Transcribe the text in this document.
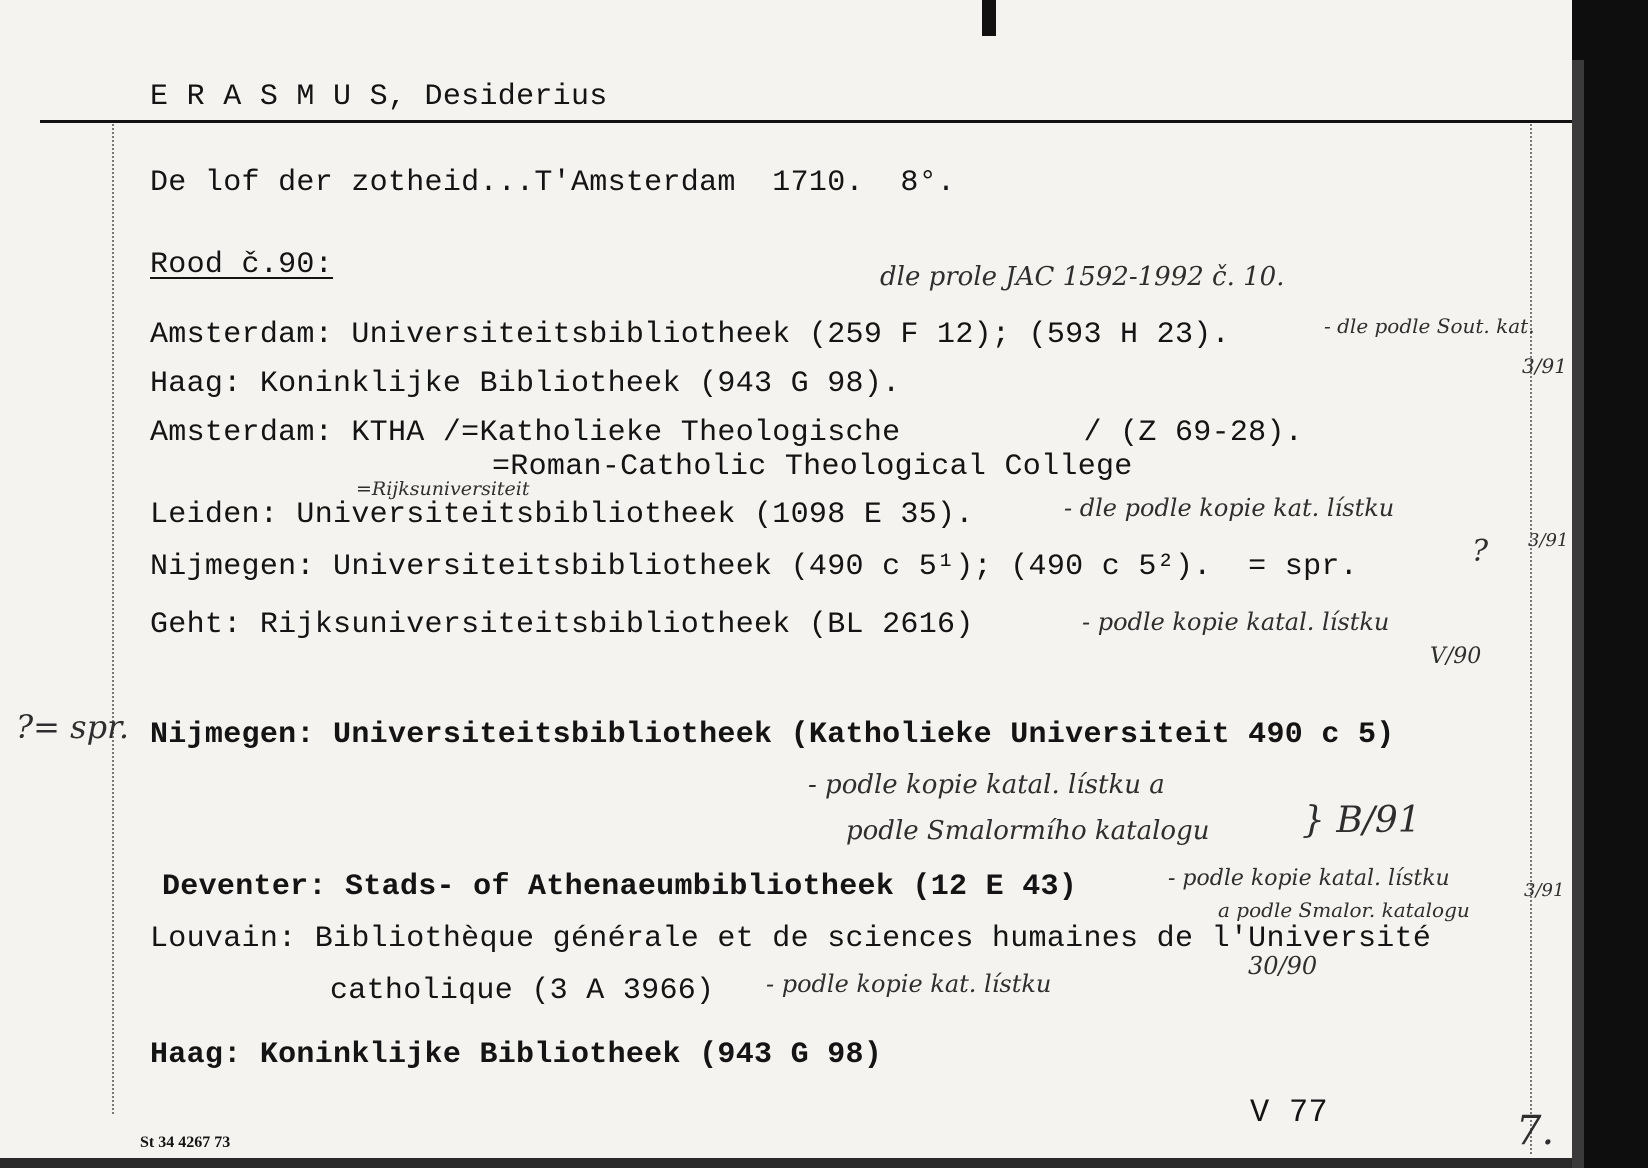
E R A S M U S, Desiderius
De lof der zotheid...T'Amsterdam  1710.  8°.
Rood č.90:
Amsterdam: Universiteitsbibliotheek (259 F 12); (593 H 23).
Haag: Koninklijke Bibliotheek (943 G 98).
Amsterdam: KTHA /=Katholieke Theologische          / (Z 69-28).
=Roman-Catholic Theological College
Leiden: Universiteitsbibliotheek (1098 E 35).
Nijmegen: Universiteitsbibliotheek (490 c 5¹); (490 c 5²).  = spr.
Geht: Rijksuniversiteitsbibliotheek (BL 2616)
Nijmegen: Universiteitsbibliotheek (Katholieke Universiteit 490 c 5)
Deventer: Stads- of Athenaeumbibliotheek (12 E 43)
Louvain: Bibliothèque générale et de sciences humaines de l'Université
catholique (3 A 3966)
Haag: Koninklijke Bibliotheek (943 G 98)
V 77
St 34 4267 73	7.
dle prole JAC 1592-1992 č. 10.
- dle podle Sout. kat.
3/91
=Rijksuniversiteit
- dle podle kopie kat. lístku
3/91
?
- podle kopie katal. lístku
V/90
?= spr.
- podle kopie katal. lístku a
podle Smalormího katalogu	} B/91
- podle kopie katal. lístku
a podle Smalor. katalogu
3/91
- podle kopie kat. lístku
30/90
